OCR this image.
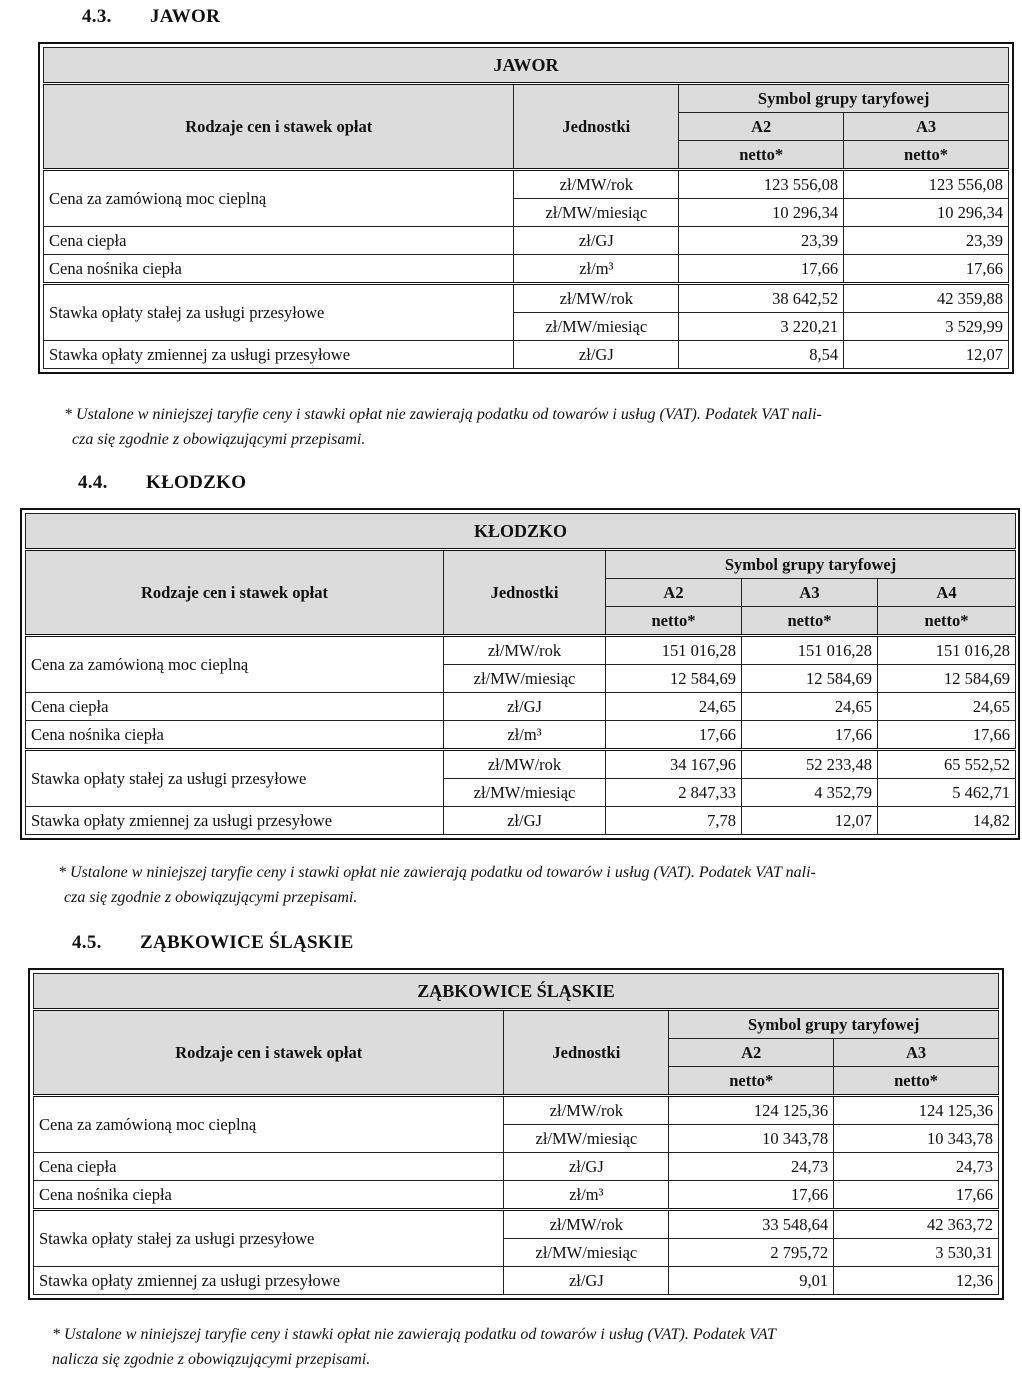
4.3. JAWOR
JAWOR			
Rodzaje cen i stawek opłat	Jednostki	Symbol grupy taryfowej	
		A2	A3
		netto*	netto*
Cena za zamówioną moc cieplną	zł/MW/rok	123 556,08	123 556,08
	zł/MW/miesiąc	10 296,34	10 296,34
Cena ciepła	zł/GJ	23,39	23,39
Cena nośnika ciepła	zł/m³	17,66	17,66
Stawka opłaty stałej za usługi przesyłowe	zł/MW/rok	38 642,52	42 359,88
	zł/MW/miesiąc	3 220,21	3 529,99
Stawka opłaty zmiennej za usługi przesyłowe	zł/GJ	8,54	12,07
* Ustalone w niniejszej taryfie ceny i stawki opłat nie zawierają podatku od towarów i usług (VAT). Podatek VAT nali-
cza się zgodnie z obowiązującymi przepisami.
4.4. KŁODZKO
KŁODZKO				
Rodzaje cen i stawek opłat	Jednostki	Symbol grupy taryfowej		
		A2	A3	A4
		netto*	netto*	netto*
Cena za zamówioną moc cieplną	zł/MW/rok	151 016,28	151 016,28	151 016,28
	zł/MW/miesiąc	12 584,69	12 584,69	12 584,69
Cena ciepła	zł/GJ	24,65	24,65	24,65
Cena nośnika ciepła	zł/m³	17,66	17,66	17,66
Stawka opłaty stałej za usługi przesyłowe	zł/MW/rok	34 167,96	52 233,48	65 552,52
	zł/MW/miesiąc	2 847,33	4 352,79	5 462,71
Stawka opłaty zmiennej za usługi przesyłowe	zł/GJ	7,78	12,07	14,82
* Ustalone w niniejszej taryfie ceny i stawki opłat nie zawierają podatku od towarów i usług (VAT). Podatek VAT nali-
cza się zgodnie z obowiązującymi przepisami.
4.5. ZĄBKOWICE ŚLĄSKIE
ZĄBKOWICE ŚLĄSKIE			
Rodzaje cen i stawek opłat	Jednostki	Symbol grupy taryfowej	
		A2	A3
		netto*	netto*
Cena za zamówioną moc cieplną	zł/MW/rok	124 125,36	124 125,36
	zł/MW/miesiąc	10 343,78	10 343,78
Cena ciepła	zł/GJ	24,73	24,73
Cena nośnika ciepła	zł/m³	17,66	17,66
Stawka opłaty stałej za usługi przesyłowe	zł/MW/rok	33 548,64	42 363,72
	zł/MW/miesiąc	2 795,72	3 530,31
Stawka opłaty zmiennej za usługi przesyłowe	zł/GJ	9,01	12,36
* Ustalone w niniejszej taryfie ceny i stawki opłat nie zawierają podatku od towarów i usług (VAT). Podatek VAT
nalicza się zgodnie z obowiązującymi przepisami.
